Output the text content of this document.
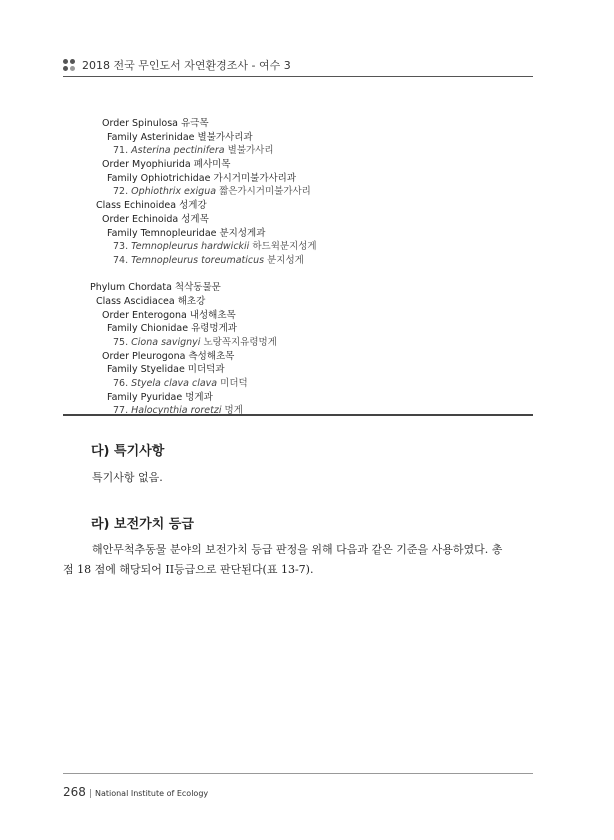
2018 전국 무인도서 자연환경조사 - 여수 3
Order Spinulosa 유극목
Family Asterinidae 별불가사리과
71. Asterina pectinifera 별불가사리
Order Myophiurida 폐사미목
Family Ophiotrichidae 가시거미불가사리과
72. Ophiothrix exigua 짧은가시거미불가사리
Class Echinoidea 성게강
Order Echinoida 성게목
Family Temnopleuridae 분지성게과
73. Temnopleurus hardwickii 하드윅분지성게
74. Temnopleurus toreumaticus 분지성게
Phylum Chordata 척삭동물문
Class Ascidiacea 해초강
Order Enterogona 내성해초목
Family Chionidae 유령멍게과
75. Ciona savignyi 노랑꼭지유령멍게
Order Pleurogona 측성해초목
Family Styelidae 미더덕과
76. Styela clava clava 미더덕
Family Pyuridae 멍게과
77. Halocynthia roretzi 멍게
다) 특기사항
특기사항 없음.
라) 보전가치 등급
해안무척추동물 분야의 보전가치 등급 판정을 위해 다음과 같은 기준을 사용하였다. 총
점 18 점에 해당되어 II등급으로 판단된다(표 13-7).
268 | National Institute of Ecology
